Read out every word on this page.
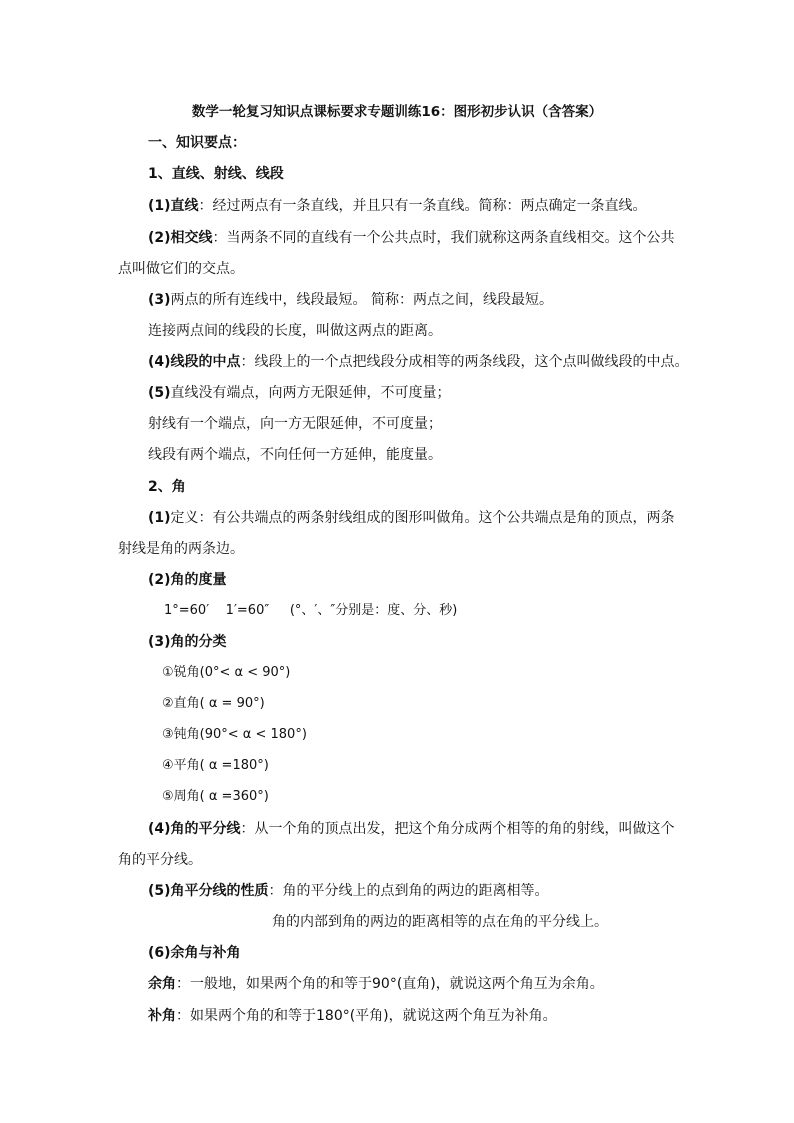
数学一轮复习知识点课标要求专题训练16：图形初步认识（含答案）
一、知识要点：
1、直线、射线、线段
(1)直线：经过两点有一条直线，并且只有一条直线。简称：两点确定一条直线。
(2)相交线：当两条不同的直线有一个公共点时，我们就称这两条直线相交。这个公共
点叫做它们的交点。
(3)两点的所有连线中，线段最短。 简称：两点之间，线段最短。
连接两点间的线段的长度，叫做这两点的距离。
(4)线段的中点：线段上的一个点把线段分成相等的两条线段，这个点叫做线段的中点。
(5)直线没有端点，向两方无限延伸，不可度量；
射线有一个端点，向一方无限延伸，不可度量；
线段有两个端点，不向任何一方延伸，能度量。
2、角
(1)定义：有公共端点的两条射线组成的图形叫做角。这个公共端点是角的顶点，两条
射线是角的两条边。
(2)角的度量
1°=60′    1′=60″     (°、′、″分别是：度、分、秒)
(3)角的分类
①锐角(0°< α < 90°)
②直角( α = 90°)
③钝角(90°< α < 180°)
④平角( α =180°)
⑤周角( α =360°)
(4)角的平分线：从一个角的顶点出发，把这个角分成两个相等的角的射线，叫做这个
角的平分线。
(5)角平分线的性质：角的平分线上的点到角的两边的距离相等。
角的内部到角的两边的距离相等的点在角的平分线上。
(6)余角与补角
余角：一般地，如果两个角的和等于90°(直角)，就说这两个角互为余角。
补角：如果两个角的和等于180°(平角)，就说这两个角互为补角。
